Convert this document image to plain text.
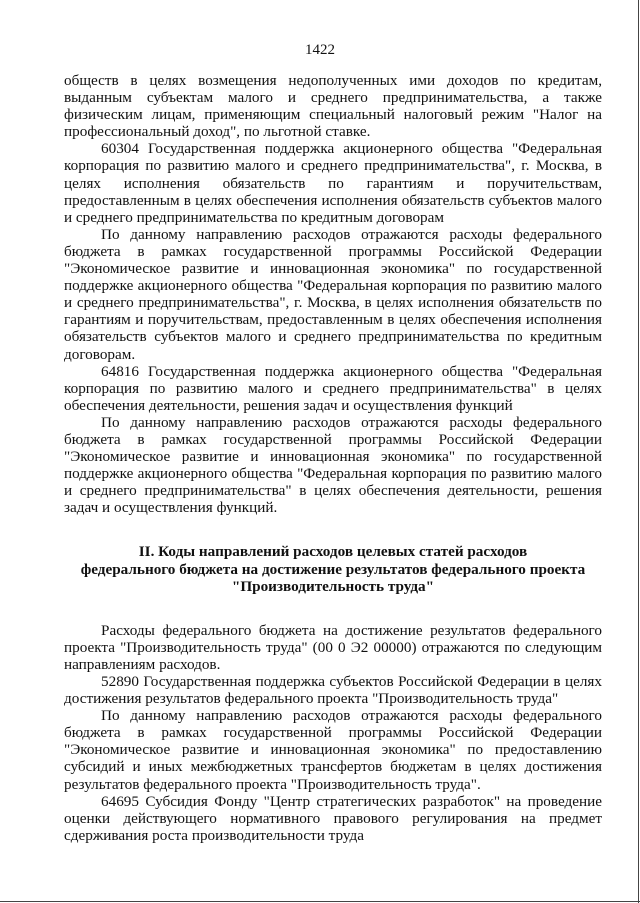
1422

обществ в целях возмещения недополученных ими доходов по кредитам, выданным субъектам малого и среднего предпринимательства, а также физическим лицам, применяющим специальный налоговый режим "Налог на профессиональный доход", по льготной ставке.

60304 Государственная поддержка акционерного общества "Федеральная корпорация по развитию малого и среднего предпринимательства", г. Москва, в целях исполнения обязательств по гарантиям и поручительствам, предоставленным в целях обеспечения исполнения обязательств субъектов малого и среднего предпринимательства по кредитным договорам

По данному направлению расходов отражаются расходы федерального бюджета в рамках государственной программы Российской Федерации "Экономическое развитие и инновационная экономика" по государственной поддержке акционерного общества "Федеральная корпорация по развитию малого и среднего предпринимательства", г. Москва, в целях исполнения обязательств по гарантиям и поручительствам, предоставленным в целях обеспечения исполнения обязательств субъектов малого и среднего предпринимательства по кредитным договорам.

64816 Государственная поддержка акционерного общества "Федеральная корпорация по развитию малого и среднего предпринимательства" в целях обеспечения деятельности, решения задач и осуществления функций

По данному направлению расходов отражаются расходы федерального бюджета в рамках государственной программы Российской Федерации "Экономическое развитие и инновационная экономика" по государственной поддержке акционерного общества "Федеральная корпорация по развитию малого и среднего предпринимательства" в целях обеспечения деятельности, решения задач и осуществления функций.

II. Коды направлений расходов целевых статей расходов
федерального бюджета на достижение результатов федерального проекта
"Производительность труда"

Расходы федерального бюджета на достижение результатов федерального проекта "Производительность труда" (00 0 Э2 00000) отражаются по следующим направлениям расходов.

52890 Государственная поддержка субъектов Российской Федерации в целях достижения результатов федерального проекта "Производительность труда"

По данному направлению расходов отражаются расходы федерального бюджета в рамках государственной программы Российской Федерации "Экономическое развитие и инновационная экономика" по предоставлению субсидий и иных межбюджетных трансфертов бюджетам в целях достижения результатов федерального проекта "Производительность труда".

64695 Субсидия Фонду "Центр стратегических разработок" на проведение оценки действующего нормативного правового регулирования на предмет сдерживания роста производительности труда
